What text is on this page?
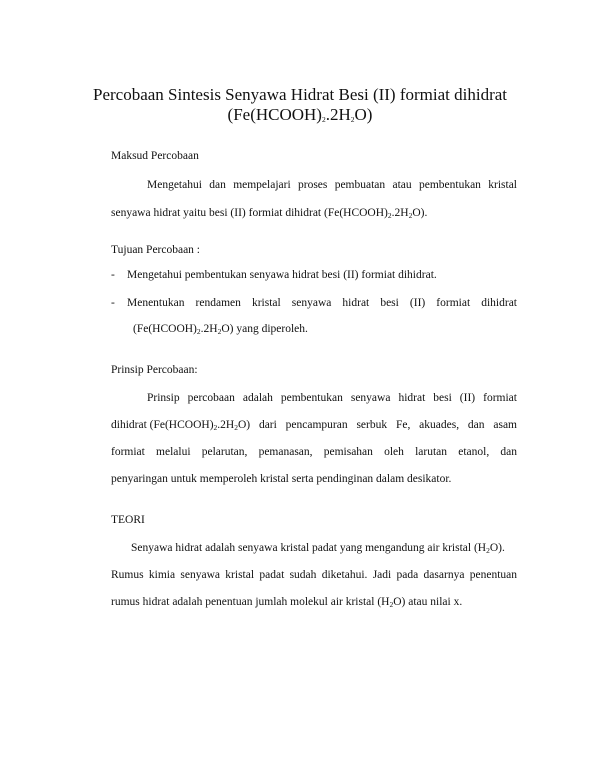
Percobaan Sintesis Senyawa Hidrat Besi (II) formiat dihidrat
$(Fe(HCOOH)_2.2H_2O)$
Maksud Percobaan
Mengetahui dan mempelajari proses pembuatan atau pembentukan kristal
senyawa hidrat yaitu besi (II) formiat dihidrat $(Fe(HCOOH)_2.2H_2O)$.
Tujuan Percobaan :
- Mengetahui pembentukan senyawa hidrat besi (II) formiat dihidrat.
- Menentukan rendamen kristal senyawa hidrat besi (II) formiat dihidrat
$(Fe(HCOOH)_2.2H_2O)$ yang diperoleh.
Prinsip Percobaan:
Prinsip percobaan adalah pembentukan senyawa hidrat besi (II) formiat
dihidrat ($Fe(HCOOH)_2.2H_2$ O) dari pencampuran serbuk Fe, akuades, dan asam
formiat melalui pelarutan, pemanasan, pemisahan oleh larutan etanol, dan
penyaringan untuk memperoleh kristal serta pendinginan dalam desikator.
TEORI
Senyawa hidrat adalah senyawa kristal padat yang mengandung air kristal $(H_2O)$.
Rumus kimia senyawa kristal padat sudah diketahui. Jadi pada dasarnya penentuan
rumus hidrat adalah penentuan jumlah molekul air kristal $(H_2O)$ atau nilai x.
